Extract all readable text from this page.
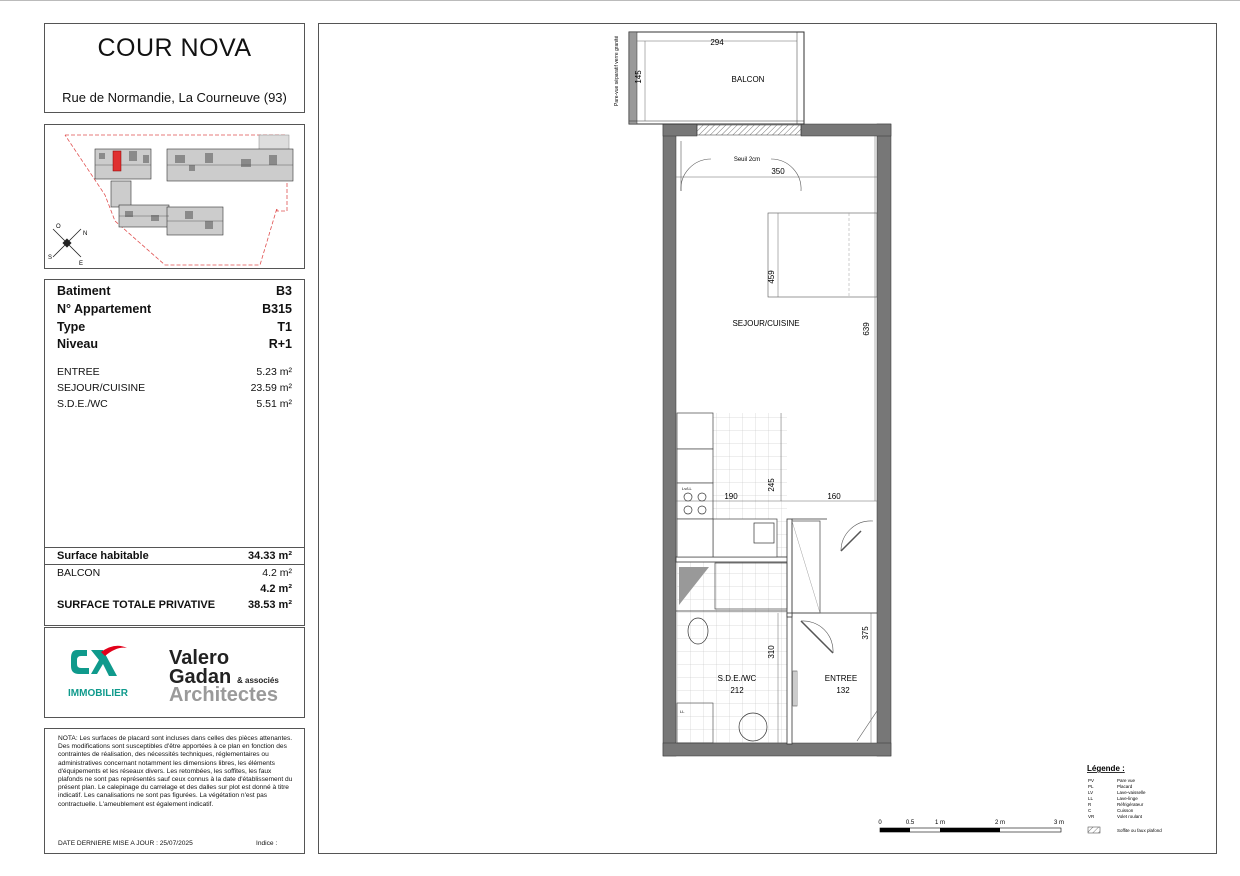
COUR NOVA
Rue de Normandie, La Courneuve (93)
O
N
S
E
Batiment	B3
N° Appartement	B315
Type	T1
Niveau	R+1
ENTREE	5.23 m²
SEJOUR/CUISINE	23.59 m²
S.D.E./WC	5.51 m²
Surface habitable	34.33 m²
BALCON	4.2 m²
4.2 m²
SURFACE TOTALE PRIVATIVE	38.53 m²
IMMOBILIER
Valero
Gadan & associés
Architectes
NOTA: Les surfaces de placard sont incluses dans celles des pièces attenantes. Des modifications sont susceptibles d'être apportées à ce plan en fonction des contraintes de réalisation, des nécessités techniques, réglementaires ou administratives concernant notamment les dimensions libres, les éléments d'équipements et les réseaux divers. Les retombées, les soffites, les faux plafonds ne sont pas représentés sauf ceux connus à la date d'établissement du présent plan. Le calepinage du carrelage et des dalles sur plot est donné à titre indicatif. Les canalisations ne sont pas figurées. La végétation n'est pas contractuelle. L'ameublement est également indicatif.
DATE DERNIERE MISE A JOUR : 25/07/2025	Indice :
BALCON
SEJOUR/CUISINE
S.D.E./WC
212
ENTREE
132
Seuil 2cm
Pare-vue séparatif verre granité
Lv/LL
LL
294
145
350
459
639
190	160
245
310
375
0	0.5	1 m	2 m	3 m
Légende :
PV	Pare vue
PL	Placard
LV	Lave-vaisselle
LL	Lave-linge
R	Réfrigérateur
C	Cuisson
VR	Volet roulant
Soffite ou faux plafond
